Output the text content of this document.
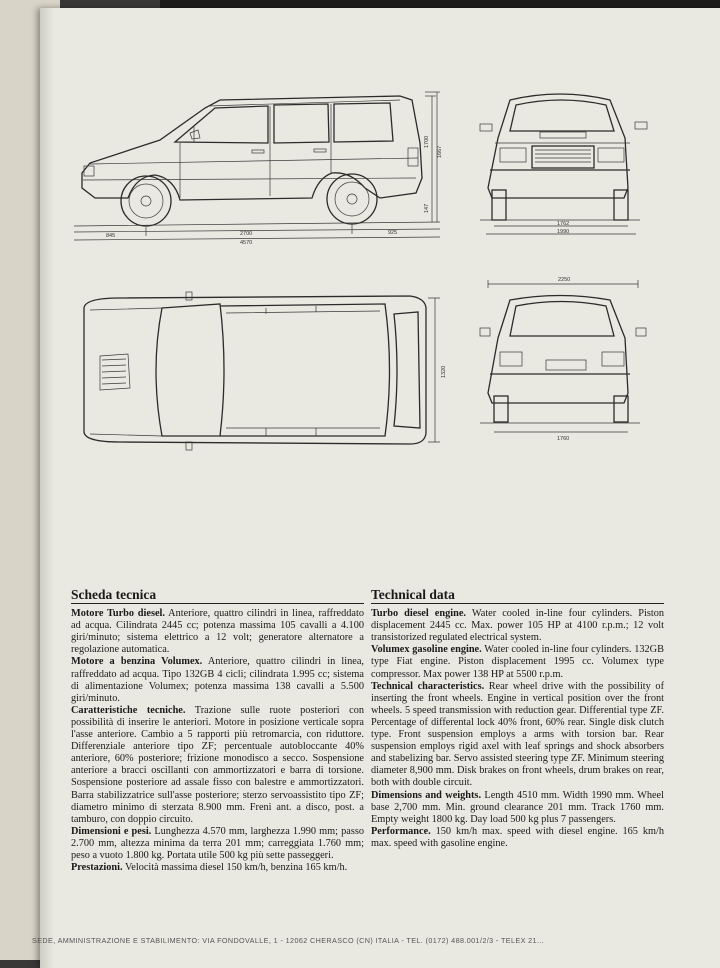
845	2700	925
4570
1700
1667
147
1762
1990
1320
2250
1760
Scheda tecnica

Motore Turbo diesel. Anteriore, quattro cilindri in linea, raffreddato ad acqua. Cilindrata 2445 cc; potenza massima 105 cavalli a 4.100 giri/minuto; sistema elettrico a 12 volt; generatore alternatore a regolazione automatica.

Motore a benzina Volumex. Anteriore, quattro cilindri in linea, raffreddato ad acqua. Tipo 132GB 4 cicli; cilindrata 1.995 cc; sistema di alimentazione Volumex; potenza massima 138 cavalli a 5.500 giri/minuto.

Caratteristiche tecniche. Trazione sulle ruote posteriori con possibilità di inserire le anteriori. Motore in posizione verticale sopra l'asse anteriore. Cambio a 5 rapporti più retromarcia, con riduttore. Differenziale anteriore tipo ZF; percentuale autobloccante 40% anteriore, 60% posteriore; frizione monodisco a secco. Sospensione anteriore a bracci oscillanti con ammortizzatori e barra di torsione. Sospensione posteriore ad assale fisso con balestre e ammortizzatori. Barra stabilizzatrice sull'asse posteriore; sterzo servoassistito tipo ZF; diametro minimo di sterzata 8.900 mm. Freni ant. a disco, post. a tamburo, con doppio circuito.

Dimensioni e pesi. Lunghezza 4.570 mm, larghezza 1.990 mm; passo 2.700 mm, altezza minima da terra 201 mm; carreggiata 1.760 mm; peso a vuoto 1.800 kg. Portata utile 500 kg più sette passeggeri.

Prestazioni. Velocità massima diesel 150 km/h, benzina 165 km/h.

Technical data

Turbo diesel engine. Water cooled in-line four cylinders. Piston displacement 2445 cc. Max. power 105 HP at 4100 r.p.m.; 12 volt transistorized regulated electrical system.

Volumex gasoline engine. Water cooled in-line four cylinders. 132GB type Fiat engine. Piston displacement 1995 cc. Volumex type compressor. Max power 138 HP at 5500 r.p.m.

Technical characteristics. Rear wheel drive with the possibility of inserting the front wheels. Engine in vertical position over the front wheels. 5 speed transmission with reduction gear. Differential type ZF. Percentage of differental lock 40% front, 60% rear. Single disk clutch type. Front suspension employs a arms with torsion bar. Rear suspension employs rigid axel with leaf springs and shock absorbers and stabelizing bar. Servo assisted steering type ZF. Minimum steering diameter 8,900 mm. Disk brakes on front wheels, drum brakes on rear, both with double circuit.

Dimensions and weights. Length 4510 mm. Width 1990 mm. Wheel base 2,700 mm. Min. ground clearance 201 mm. Track 1760 mm. Empty weight 1800 kg. Day load 500 kg plus 7 passengers.

Performance. 150 km/h max. speed with diesel engine. 165 km/h max. speed with gasoline engine.

SEDE, AMMINISTRAZIONE E STABILIMENTO: VIA FONDOVALLE, 1 - 12062 CHERASCO (CN) ITALIA - TEL. (0172) 488.001/2/3 - TELEX 21...
